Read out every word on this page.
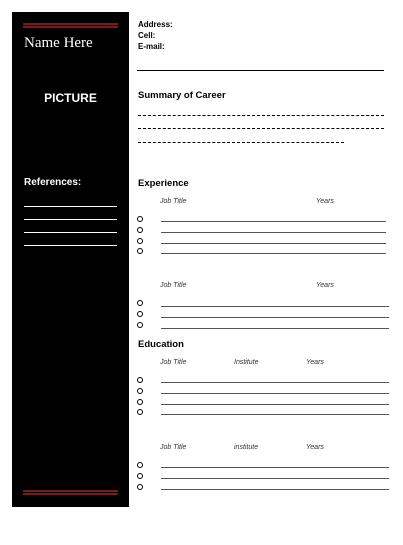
Name Here
PICTURE
References:
Address:
Cell:
E-mail:
Summary of Career
Experience
Job Title	Years
Job Title	Years
Education
Job Title	Institute	Years
Job Title	institute	Years
